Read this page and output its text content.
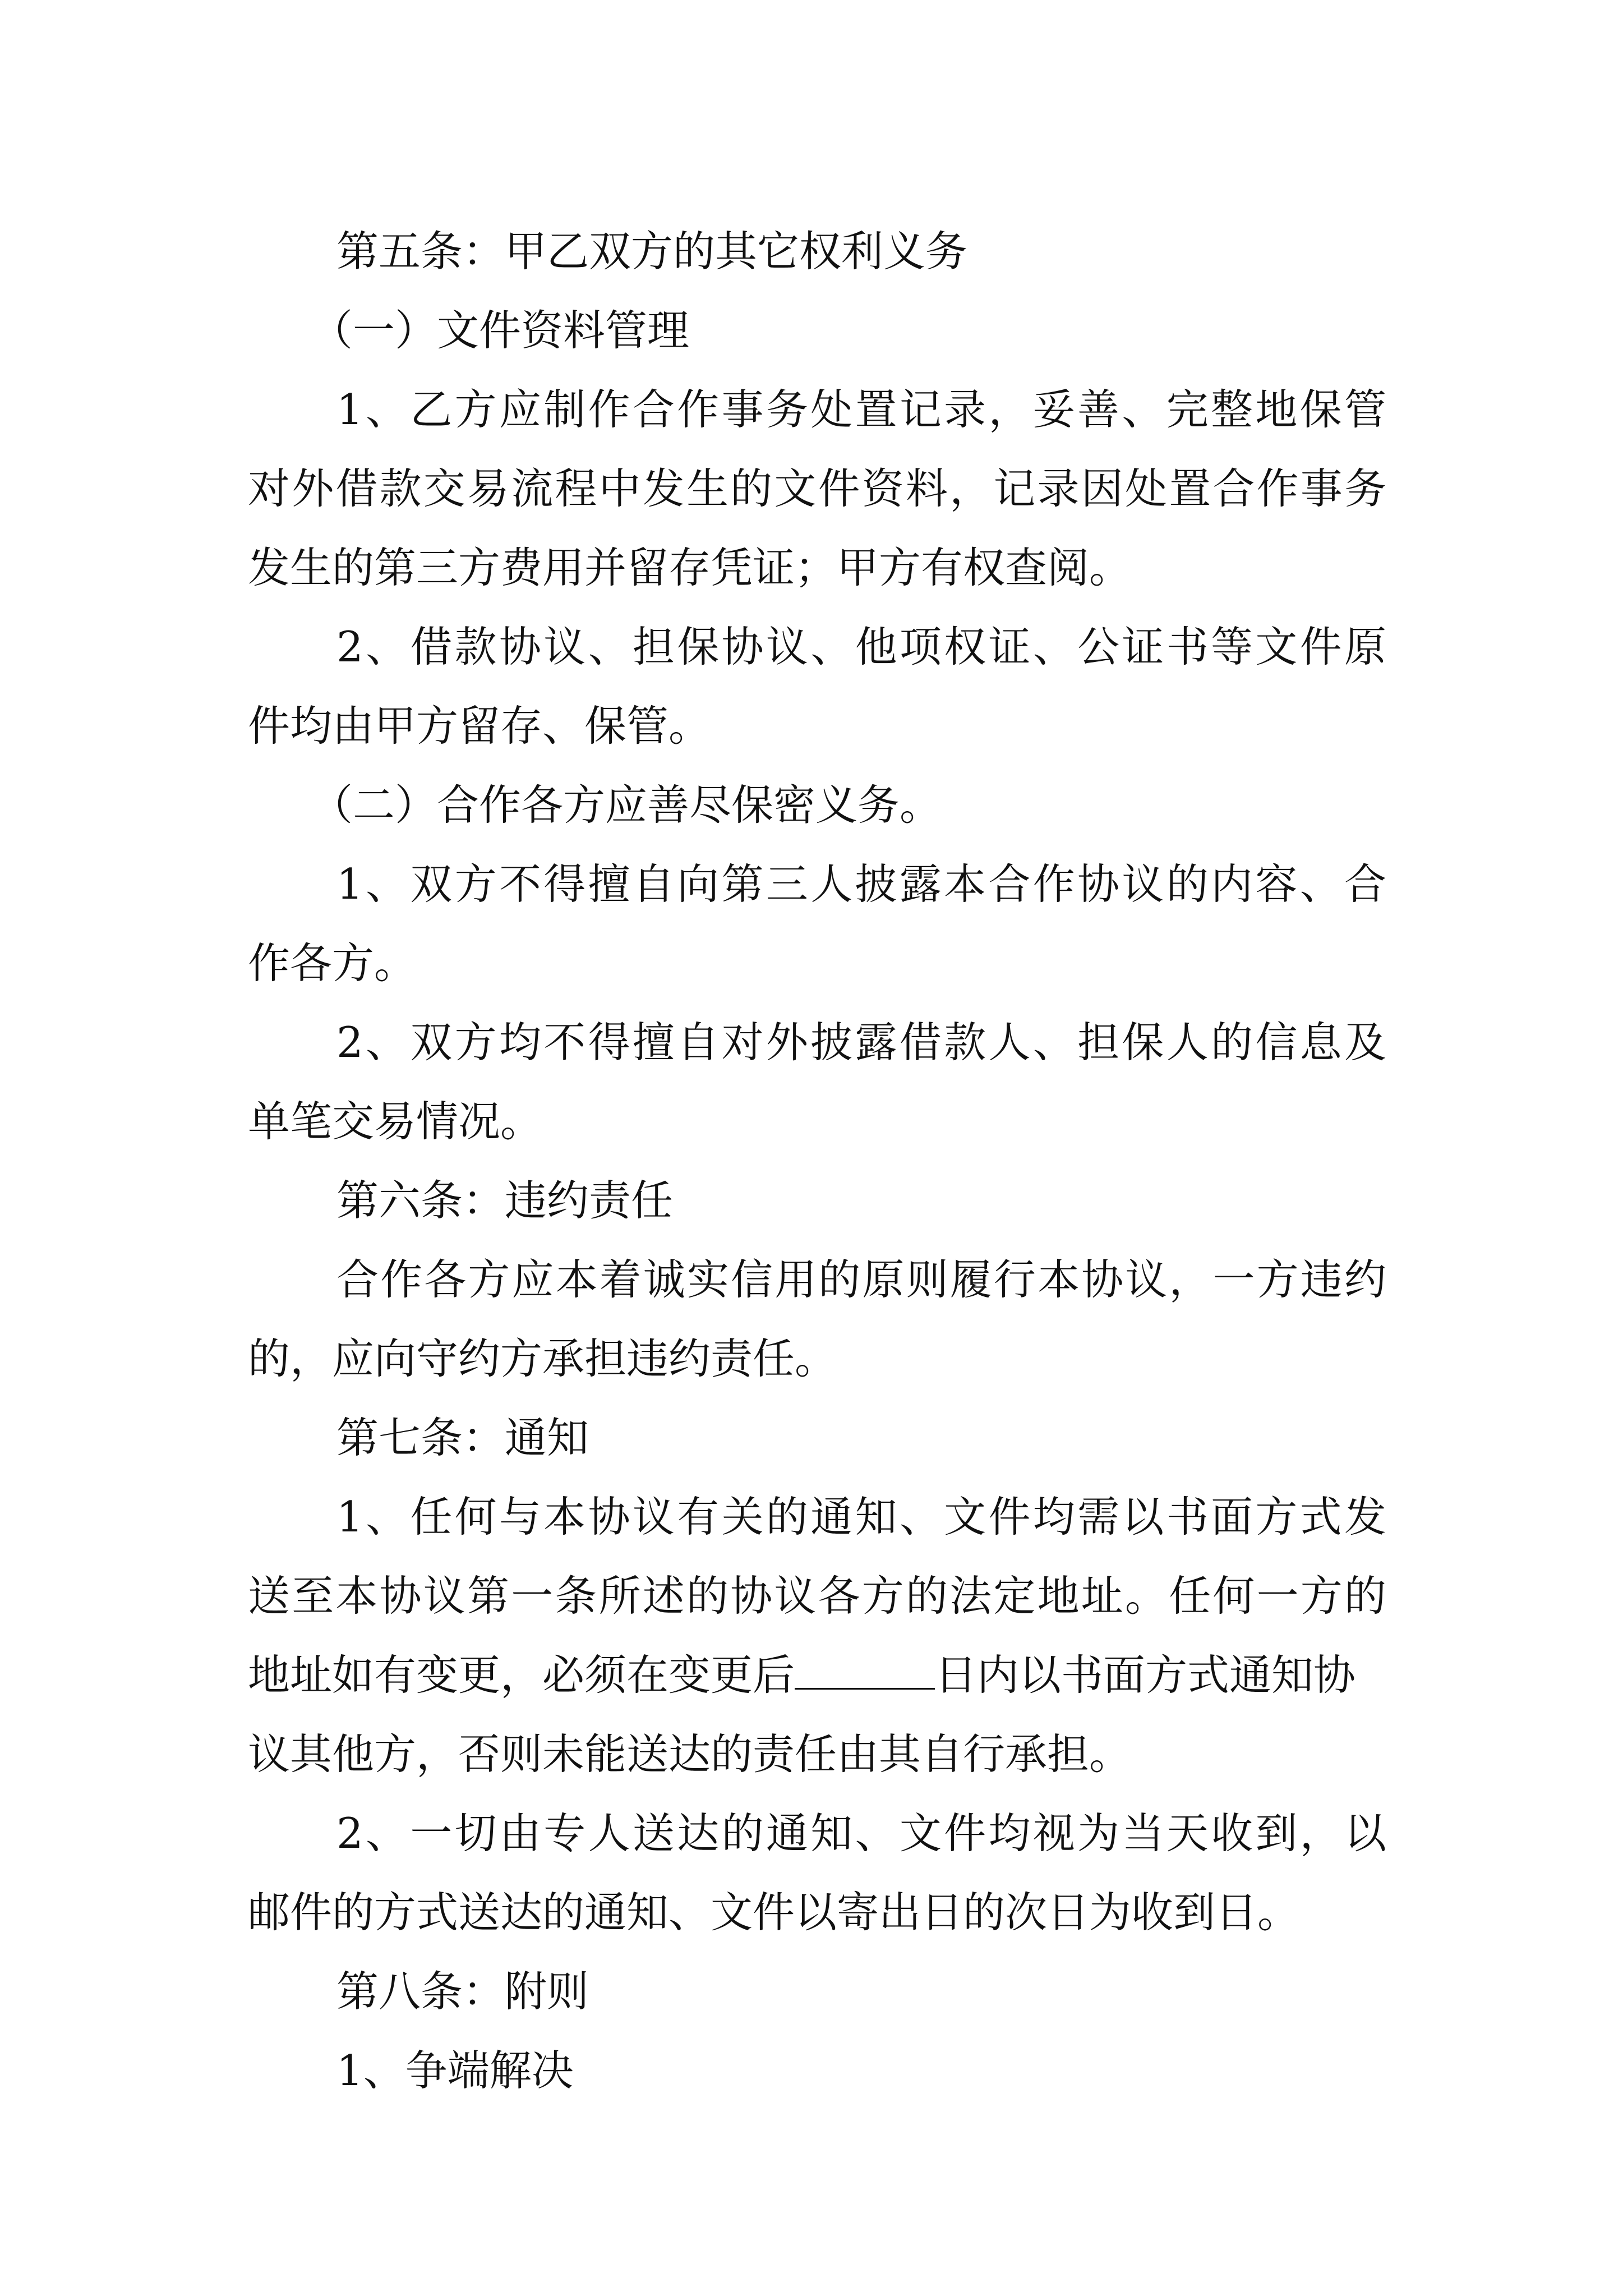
第五条：甲乙双方的其它权利义务
（一）文件资料管理
1、乙方应制作合作事务处置记录，妥善、完整地保管
对外借款交易流程中发生的文件资料，记录因处置合作事务
发生的第三方费用并留存凭证；甲方有权查阅。
2、借款协议、担保协议、他项权证、公证书等文件原
件均由甲方留存、保管。
（二）合作各方应善尽保密义务。
1、双方不得擅自向第三人披露本合作协议的内容、合
作各方。
2、双方均不得擅自对外披露借款人、担保人的信息及
单笔交易情况。
第六条：违约责任
合作各方应本着诚实信用的原则履行本协议，一方违约
的，应向守约方承担违约责任。
第七条：通知
1、任何与本协议有关的通知、文件均需以书面方式发
送至本协议第一条所述的协议各方的法定地址。任何一方的
地址如有变更，必须在变更后	日内以书面方式通知协
议其他方，否则未能送达的责任由其自行承担。
2、一切由专人送达的通知、文件均视为当天收到，以
邮件的方式送达的通知、文件以寄出日的次日为收到日。
第八条：附则
1、争端解决
